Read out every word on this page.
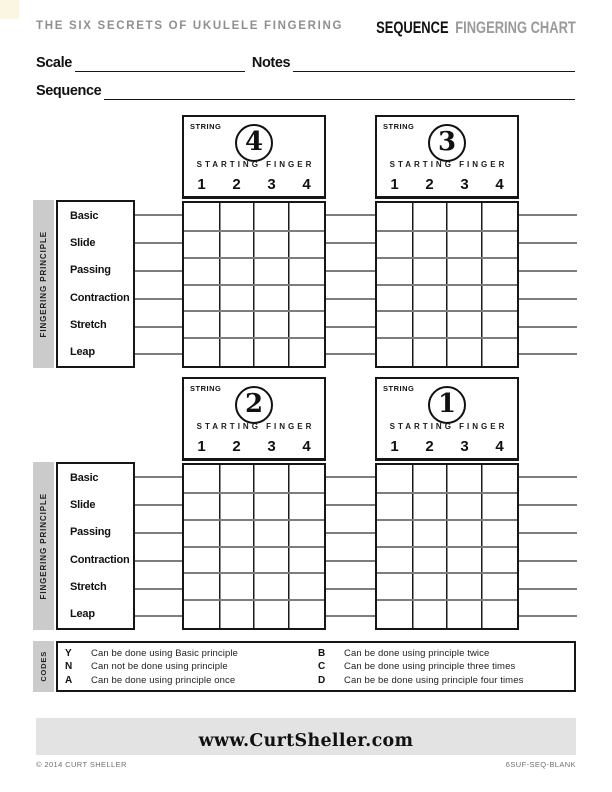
THE SIX SECRETS OF UKULELE FINGERING SEQUENCE FINGERING CHART
Scale	Notes
Sequence
FINGERING PRINCIPLE
Basic
Slide
Passing
Contraction
Stretch
Leap
STRING
4
STARTING FINGER
1	2	3	4
STRING
3
STARTING FINGER
1	2	3	4
FINGERING PRINCIPLE
Basic
Slide
Passing
Contraction
Stretch
Leap
STRING
2
STARTING FINGER
1	2	3	4
STRING
1
STARTING FINGER
1	2	3	4
CODES Y	Can be done using Basic principle
N	Can not be done using principle
A	Can be done using principle once
B	Can be done using principle twice
C	Can be done using principle three times
D	Can be be done using principle four times
www.CurtSheller.com
© 2014 CURT SHELLER	6SUF-SEQ-BLANK
